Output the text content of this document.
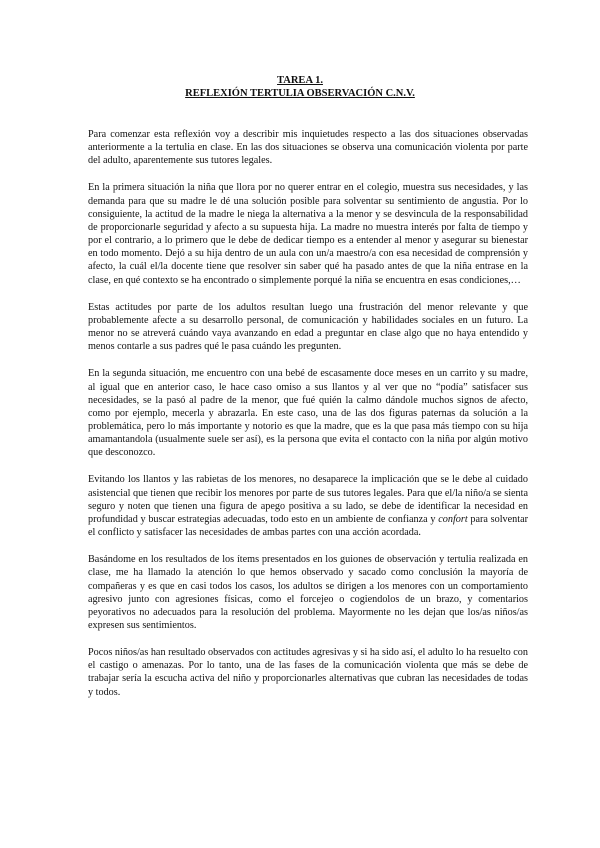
TAREA 1.
REFLEXIÓN TERTULIA OBSERVACIÓN C.N.V.

Para comenzar esta reflexión voy a describir mis inquietudes respecto a las dos situaciones observadas anteriormente a la tertulia en clase. En las dos situaciones se observa una comunicación violenta por parte del adulto, aparentemente sus tutores legales.

En la primera situación la niña que llora por no querer entrar en el colegio, muestra sus necesidades, y las demanda para que su madre le dé una solución posible para solventar su sentimiento de angustia. Por lo consiguiente, la actitud de la madre le niega la alternativa a la menor y se desvincula de la responsabilidad de proporcionarle seguridad y afecto a su supuesta hija. La madre no muestra interés por falta de tiempo y por el contrario, a lo primero que le debe de dedicar tiempo es a entender al menor y asegurar su bienestar en todo momento. Dejó a su hija dentro de un aula con un/a maestro/a con esa necesidad de comprensión y afecto, la cuál el/la docente tiene que resolver sin saber qué ha pasado antes de que la niña entrase en la clase, en qué contexto se ha encontrado o simplemente porqué la niña se encuentra en esas condiciones,…

Estas actitudes por parte de los adultos resultan luego una frustración del menor relevante y que probablemente afecte a su desarrollo personal, de comunicación y habilidades sociales en un futuro. La menor no se atreverá cuándo vaya avanzando en edad a preguntar en clase algo que no haya entendido y menos contarle a sus padres qué le pasa cuándo les pregunten.

En la segunda situación, me encuentro con una bebé de escasamente doce meses en un carrito y su madre, al igual que en anterior caso, le hace caso omiso a sus llantos y al ver que no “podía” satisfacer sus necesidades, se la pasó al padre de la menor, que fué quién la calmo dándole muchos signos de afecto, como por ejemplo, mecerla y abrazarla. En este caso, una de las dos figuras paternas da solución a la problemática, pero lo más importante y notorio es que la madre, que es la que pasa más tiempo con su hija amamantandola (usualmente suele ser así), es la persona que evita el contacto con la niña por algún motivo que desconozco.

Evitando los llantos y las rabietas de los menores, no desaparece la implicación que se le debe al cuidado asistencial que tienen que recibir los menores por parte de sus tutores legales. Para que el/la niño/a se sienta seguro y noten que tienen una figura de apego positiva a su lado, se debe de identificar la necesidad en profundidad y buscar estrategias adecuadas, todo esto en un ambiente de confianza y confort para solventar el conflicto y satisfacer las necesidades de ambas partes con una acción acordada.

Basándome en los resultados de los ítems presentados en los guiones de observación y tertulia realizada en clase, me ha llamado la atención lo que hemos observado y sacado como conclusión la mayoría de compañeras y es que en casi todos los casos, los adultos se dirigen a los menores con un comportamiento agresivo junto con agresiones físicas, como el forcejeo o cogiendolos de un brazo, y comentarios peyorativos no adecuados para la resolución del problema. Mayormente no les dejan que los/as niños/as expresen sus sentimientos.

Pocos niños/as han resultado observados con actitudes agresivas y si ha sido así, el adulto lo ha resuelto con el castigo o amenazas. Por lo tanto, una de las fases de la comunicación violenta que más se debe de trabajar sería la escucha activa del niño y proporcionarles alternativas que cubran las necesidades de todas y todos.
